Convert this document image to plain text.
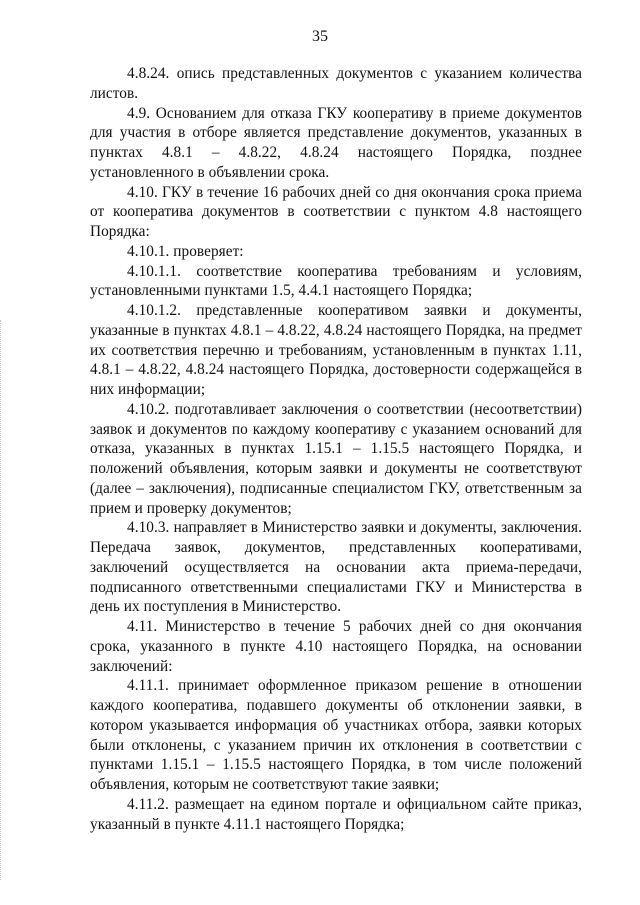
35

4.8.24. опись представленных документов с указанием количества листов.

4.9. Основанием для отказа ГКУ кооперативу в приеме документов для участия в отборе является представление документов, указанных в пунктах 4.8.1 – 4.8.22, 4.8.24 настоящего Порядка, позднее установленного в объявлении срока.

4.10. ГКУ в течение 16 рабочих дней со дня окончания срока приема от кооператива документов в соответствии с пунктом 4.8 настоящего Порядка:

4.10.1. проверяет:

4.10.1.1. соответствие кооператива требованиям и условиям, установленными пунктами 1.5, 4.4.1 настоящего Порядка;

4.10.1.2. представленные кооперативом заявки и документы, указанные в пунктах 4.8.1 – 4.8.22, 4.8.24 настоящего Порядка, на предмет их соответствия перечню и требованиям, установленным в пунктах 1.11, 4.8.1 – 4.8.22, 4.8.24 настоящего Порядка, достоверности содержащейся в них информации;

4.10.2. подготавливает заключения о соответствии (несоответствии) заявок и документов по каждому кооперативу с указанием оснований для отказа, указанных в пунктах 1.15.1 – 1.15.5 настоящего Порядка, и положений объявления, которым заявки и документы не соответствуют (далее – заключения), подписанные специалистом ГКУ, ответственным за прием и проверку документов;

4.10.3. направляет в Министерство заявки и документы, заключения. Передача заявок, документов, представленных кооперативами, заключений осуществляется на основании акта приема-передачи, подписанного ответственными специалистами ГКУ и Министерства в день их поступления в Министерство.

4.11. Министерство в течение 5 рабочих дней со дня окончания срока, указанного в пункте 4.10 настоящего Порядка, на основании заключений:

4.11.1. принимает оформленное приказом решение в отношении каждого кооператива, подавшего документы об отклонении заявки, в котором указывается информация об участниках отбора, заявки которых были отклонены, с указанием причин их отклонения в соответствии с пунктами 1.15.1 – 1.15.5 настоящего Порядка, в том числе положений объявления, которым не соответствуют такие заявки;

4.11.2. размещает на едином портале и официальном сайте приказ, указанный в пункте 4.11.1 настоящего Порядка;
